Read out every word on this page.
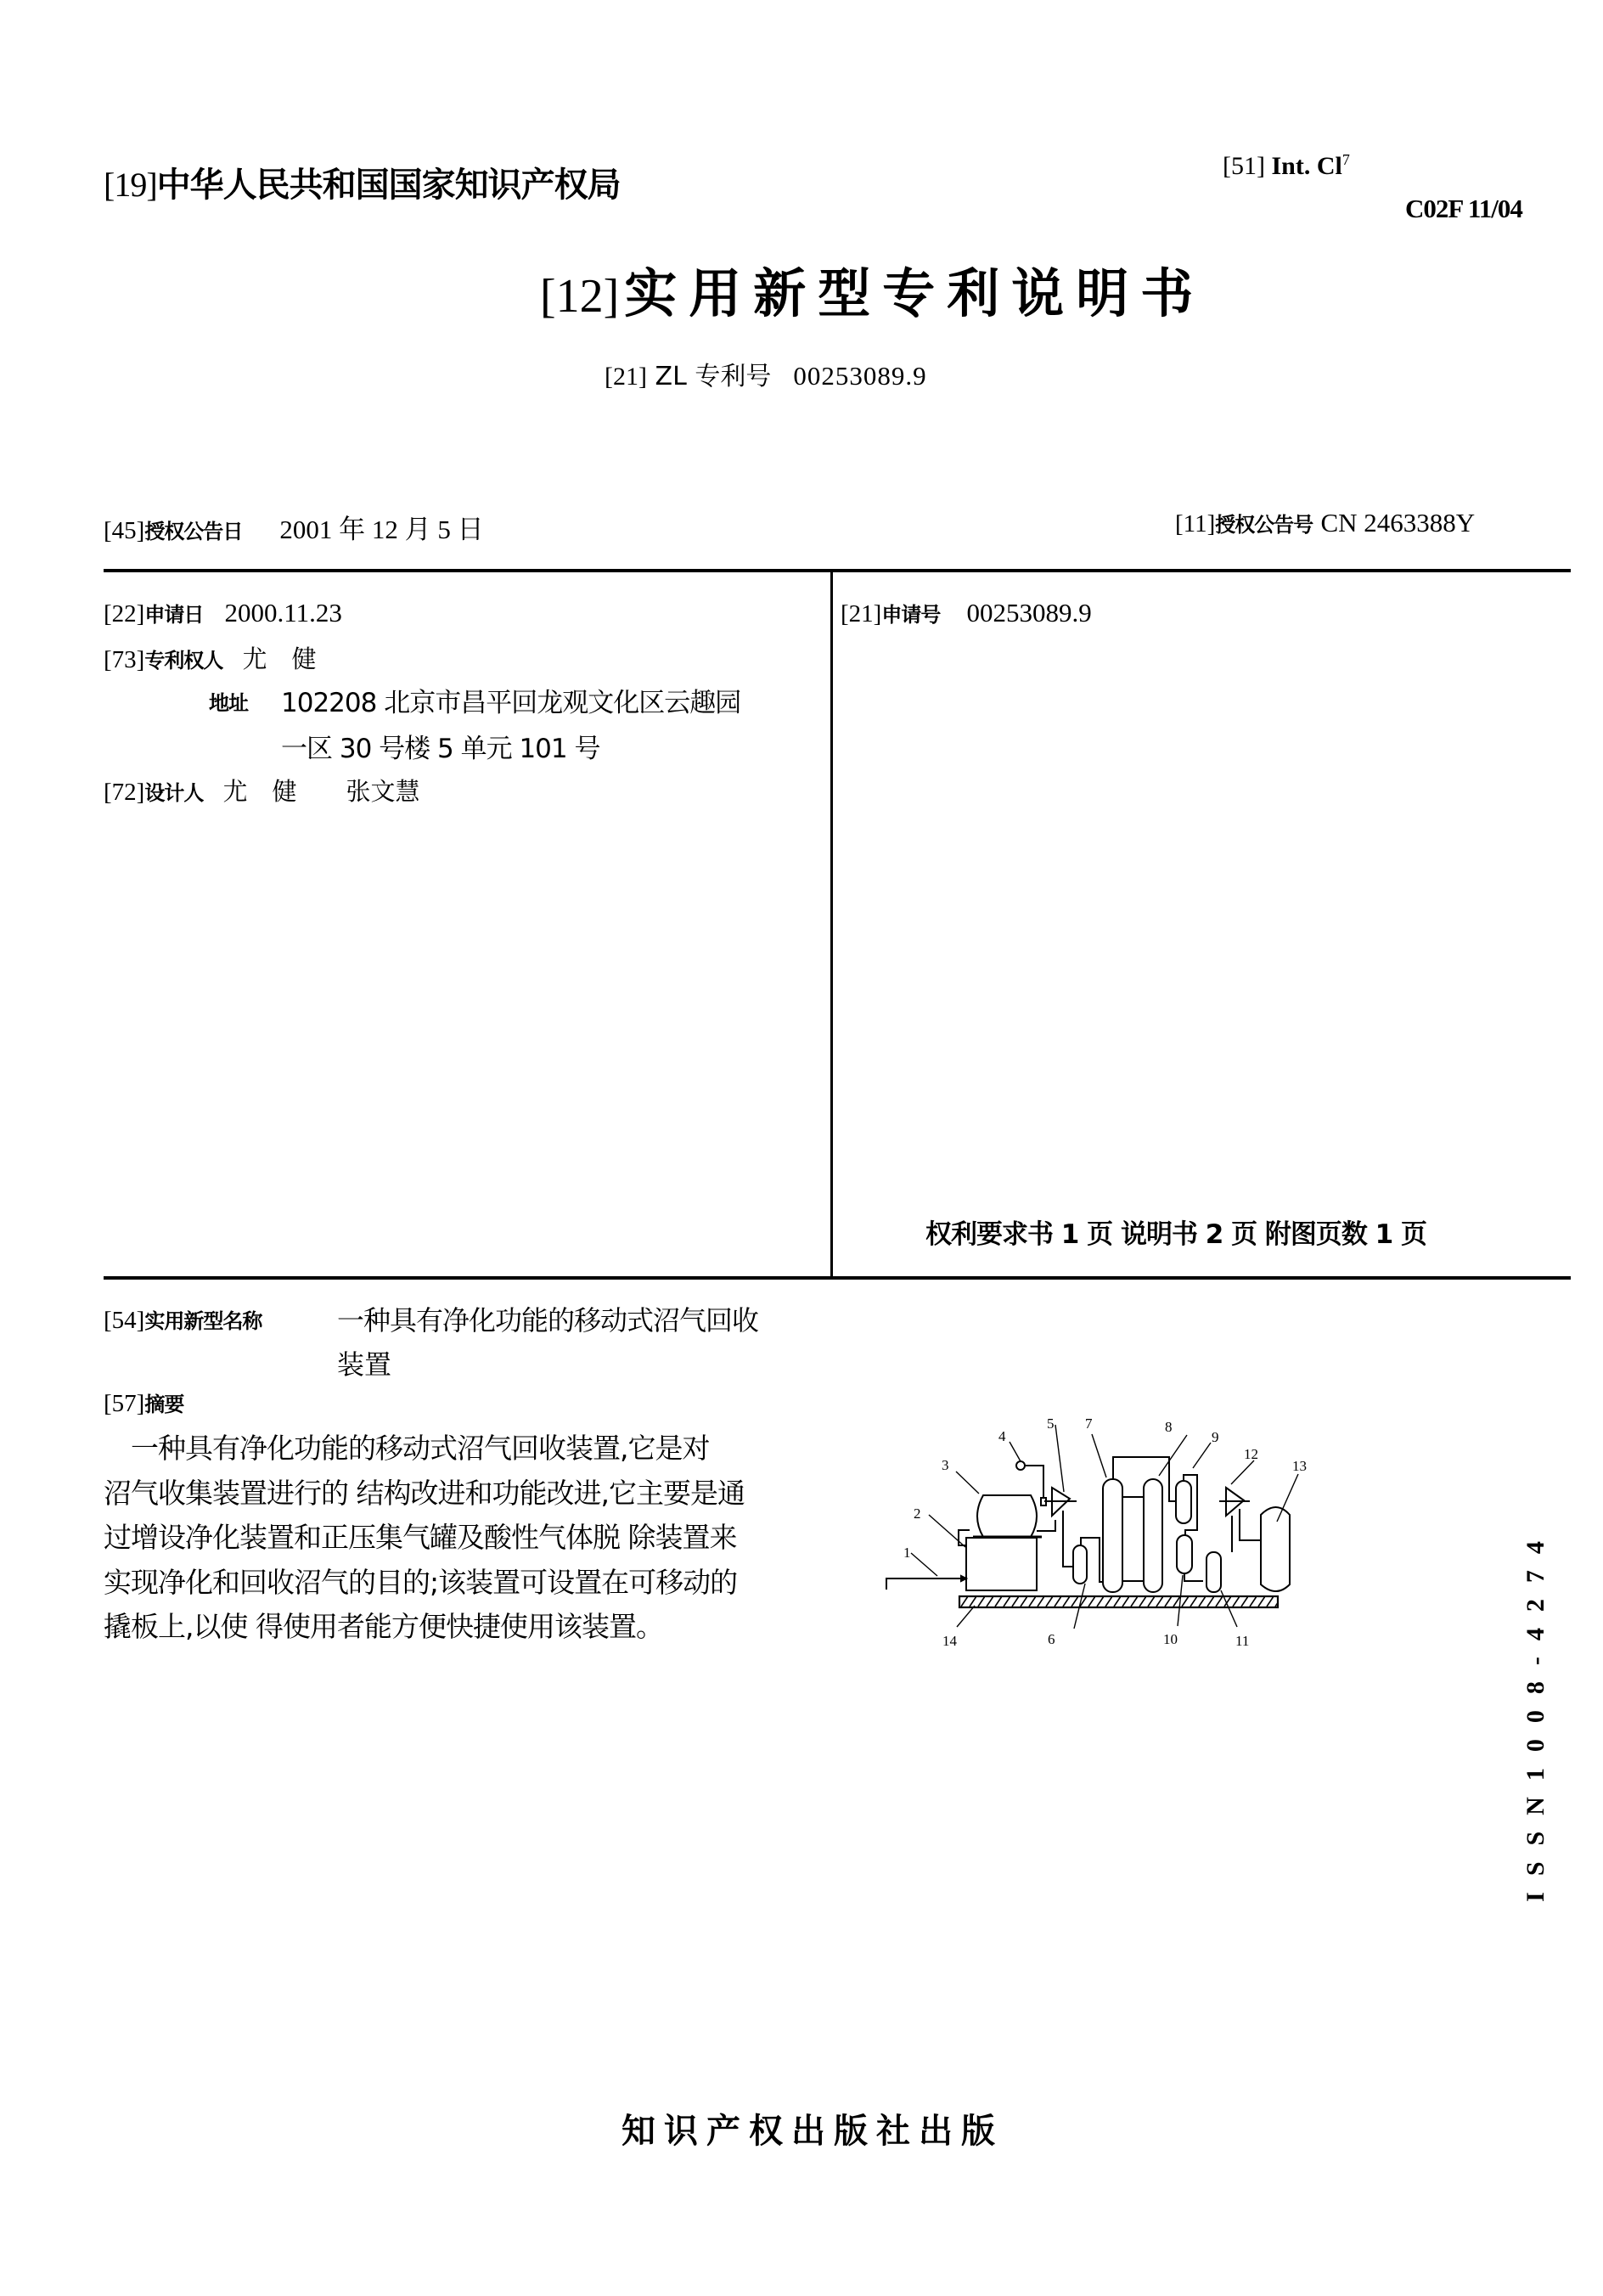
[19]中华人民共和国国家知识产权局	[51] Int. Cl$^7$
C02F 11/04
[12]实用新型专利说明书
[21] ZL 专利号 00253089.9
[45]授权公告日 2001 年 12 月 5 日	[11]授权公告号 CN 2463388Y
[22]申请日 2000.11.23
[73]专利权人 尤　健
地址 102208 北京市昌平回龙观文化区云趣园
一区 30 号楼 5 单元 101 号
[72]设计人 尤　健　　张文慧
[21]申请号 00253089.9
权利要求书 1 页 说明书 2 页 附图页数 1 页
[54]实用新型名称	一种具有净化功能的移动式沼气回收
装置
[57]摘要
　一种具有净化功能的移动式沼气回收装置,它是对
沼气收集装置进行的 结构改进和功能改进,它主要是通
过增设净化装置和正压集气罐及酸性气体脱 除装置来
实现净化和回收沼气的目的;该装置可设置在可移动的
撬板上,以使 得使用者能方便快捷使用该装置。
1
2
3
4
5
6
7	8
9
10	11
12
13
14	ISSN1008-4274
知识产权出版社出版
